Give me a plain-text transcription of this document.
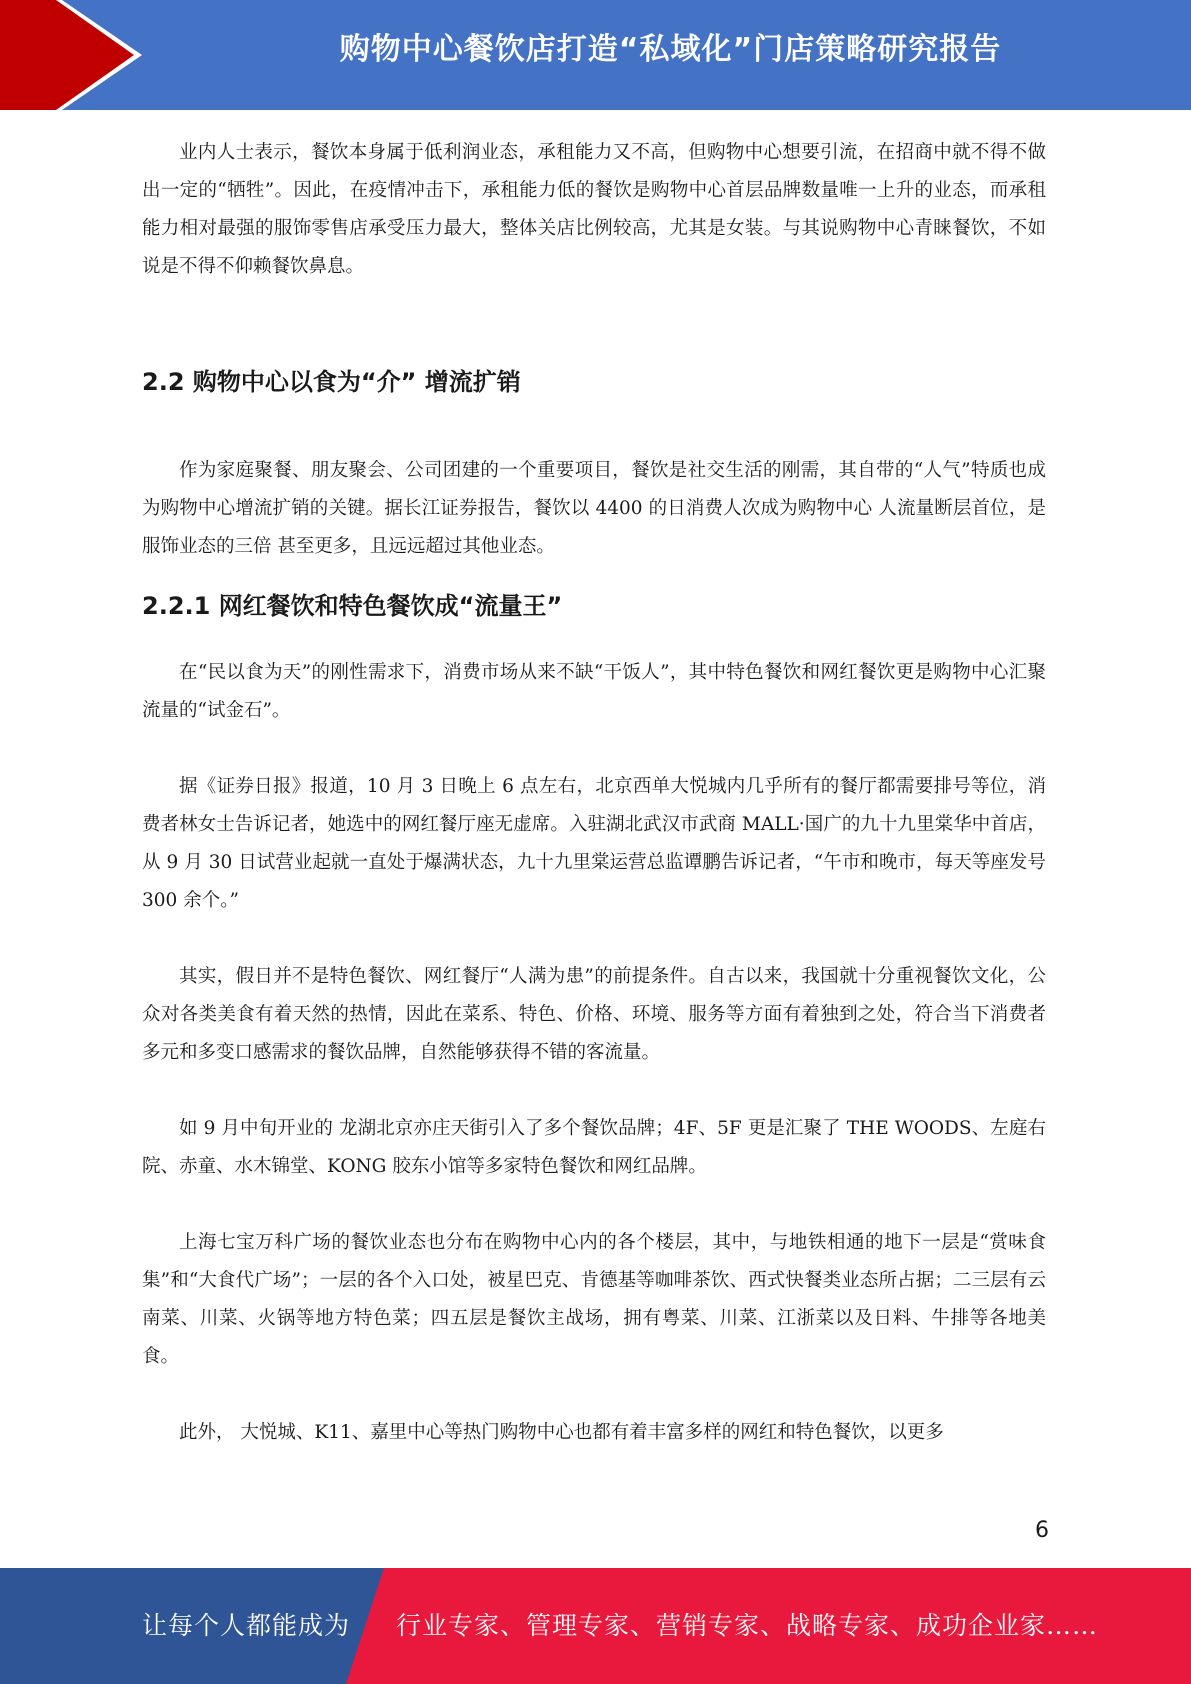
购物中心餐饮店打造“私域化”门店策略研究报告

业内人士表示，餐饮本身属于低利润业态，承租能力又不高，但购物中心想要引流，在招商中就不得不做出一定的“牺牲”。因此，在疫情冲击下，承租能力低的餐饮是购物中心首层品牌数量唯一上升的业态，而承租能力相对最强的服饰零售店承受压力最大，整体关店比例较高，尤其是女装。与其说购物中心青睐餐饮，不如说是不得不仰赖餐饮鼻息。

2.2 购物中心以食为“介” 增流扩销

作为家庭聚餐、朋友聚会、公司团建的一个重要项目，餐饮是社交生活的刚需，其自带的“人气”特质也成为购物中心增流扩销的关键。据长江证券报告，餐饮以 4400 的日消费人次成为购物中心 人流量断层首位，是服饰业态的三倍 甚至更多，且远远超过其他业态。

2.2.1 网红餐饮和特色餐饮成“流量王”

在“民以食为天”的刚性需求下，消费市场从来不缺“干饭人”，其中特色餐饮和网红餐饮更是购物中心汇聚流量的“试金石”。

据《证券日报》报道，10 月 3 日晚上 6 点左右，北京西单大悦城内几乎所有的餐厅都需要排号等位，消费者林女士告诉记者，她选中的网红餐厅座无虚席。入驻湖北武汉市武商 MALL·国广的九十九里棠华中首店，从 9 月 30 日试营业起就一直处于爆满状态，九十九里棠运营总监谭鹏告诉记者，“午市和晚市，每天等座发号 300 余个。”

其实，假日并不是特色餐饮、网红餐厅“人满为患”的前提条件。自古以来，我国就十分重视餐饮文化，公众对各类美食有着天然的热情，因此在菜系、特色、价格、环境、服务等方面有着独到之处，符合当下消费者多元和多变口感需求的餐饮品牌，自然能够获得不错的客流量。

如 9 月中旬开业的 龙湖北京亦庄天街引入了多个餐饮品牌；4F、5F 更是汇聚了 THE WOODS、左庭右院、赤童、水木锦堂、KONG 胶东小馆等多家特色餐饮和网红品牌。

上海七宝万科广场的餐饮业态也分布在购物中心内的各个楼层，其中，与地铁相通的地下一层是“赏味食集”和“大食代广场”；一层的各个入口处，被星巴克、肯德基等咖啡茶饮、西式快餐类业态所占据；二三层有云南菜、川菜、火锅等地方特色菜；四五层是餐饮主战场，拥有粤菜、川菜、江浙菜以及日料、牛排等各地美食。

此外， 大悦城、K11、嘉里中心等热门购物中心也都有着丰富多样的网红和特色餐饮，以更多

6
让每个人都能成为 行业专家、管理专家、营销专家、战略专家、成功企业家……
